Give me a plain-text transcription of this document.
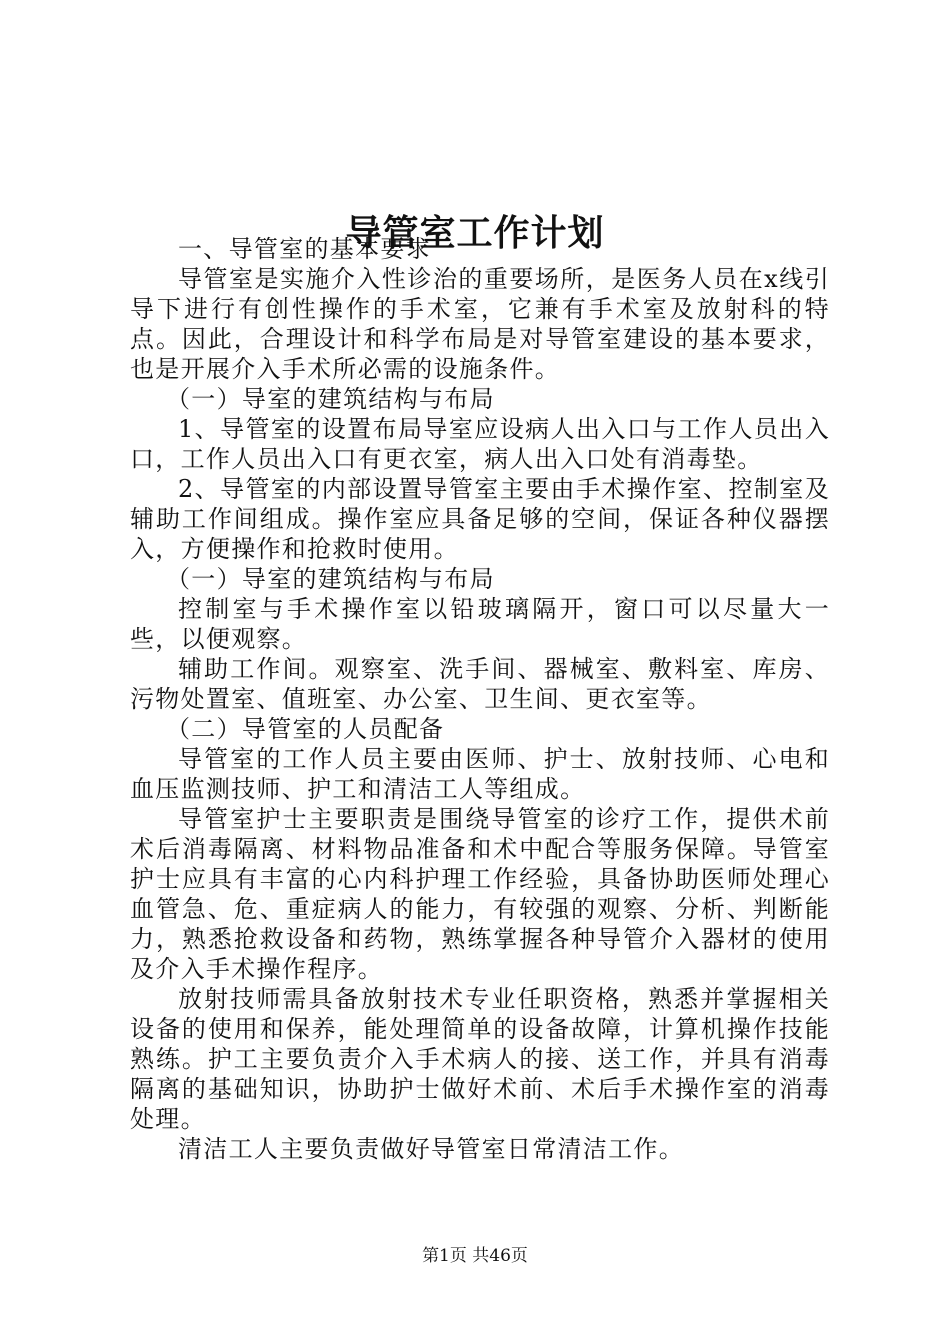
导管室工作计划

一、导管室的基本要求

导管室是实施介入性诊治的重要场所，是医务人员在x线引导下进行有创性操作的手术室，它兼有手术室及放射科的特点。因此，合理设计和科学布局是对导管室建设的基本要求，也是开展介入手术所必需的设施条件。

（一）导室的建筑结构与布局

1、导管室的设置布局导室应设病人出入口与工作人员出入口，工作人员出入口有更衣室，病人出入口处有消毒垫。

2、导管室的内部设置导管室主要由手术操作室、控制室及辅助工作间组成。操作室应具备足够的空间，保证各种仪器摆入，方便操作和抢救时使用。

（一）导室的建筑结构与布局

控制室与手术操作室以铅玻璃隔开，窗口可以尽量大一些，以便观察。

辅助工作间。观察室、洗手间、器械室、敷料室、库房、污物处置室、值班室、办公室、卫生间、更衣室等。

（二）导管室的人员配备

导管室的工作人员主要由医师、护士、放射技师、心电和血压监测技师、护工和清洁工人等组成。

导管室护士主要职责是围绕导管室的诊疗工作，提供术前术后消毒隔离、材料物品准备和术中配合等服务保障。导管室护士应具有丰富的心内科护理工作经验，具备协助医师处理心血管急、危、重症病人的能力，有较强的观察、分析、判断能力，熟悉抢救设备和药物，熟练掌握各种导管介入器材的使用及介入手术操作程序。

放射技师需具备放射技术专业任职资格，熟悉并掌握相关设备的使用和保养，能处理简单的设备故障，计算机操作技能熟练。护工主要负责介入手术病人的接、送工作，并具有消毒隔离的基础知识，协助护士做好术前、术后手术操作室的消毒处理。

清洁工人主要负责做好导管室日常清洁工作。

第1页 共46页
